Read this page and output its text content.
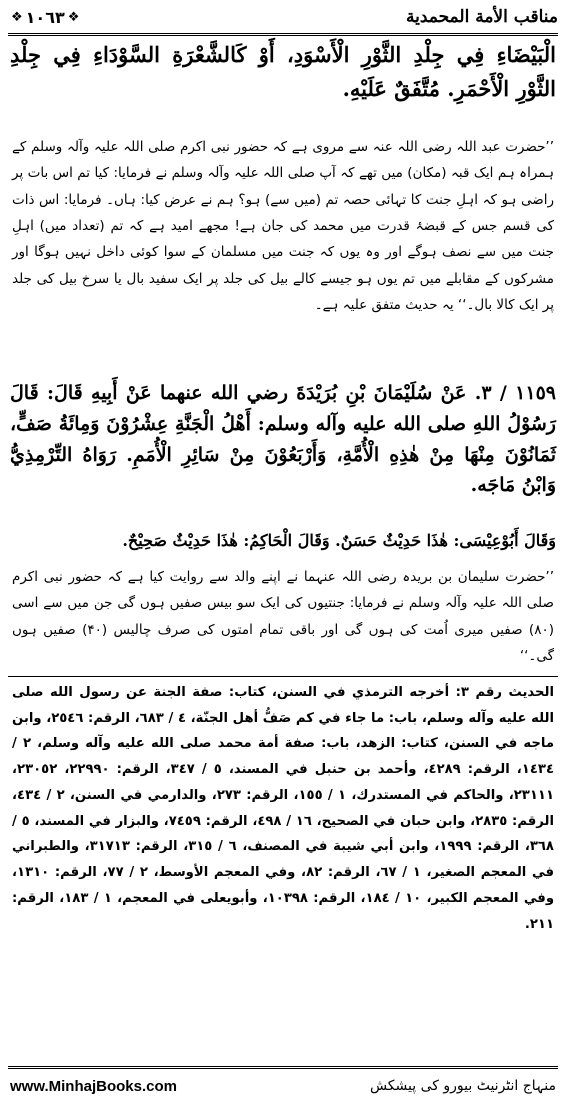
❖ ١٠٦٣ ❖	مناقب الأمة المحمدية
الْبَيْضَاءِ فِي جِلْدِ الثَّوْرِ الْأَسْوَدِ، أَوْ كَالشَّعْرَةِ السَّوْدَاءِ فِي جِلْدِ الثَّوْرِ الْأَحْمَرِ. مُتَّفَقٌ عَلَيْهِ.
’’حضرت عبد اللہ رضی اللہ عنہ سے مروی ہے کہ حضور نبی اکرم صلی اللہ علیہ وآلہ وسلم کے ہمراہ ہم ایک قبہ (مکان) میں تھے کہ آپ صلی اللہ علیہ وآلہ وسلم نے فرمایا: کیا تم اس بات پر راضی ہو کہ اہلِ جنت کا تہائی حصہ تم (میں سے) ہو؟ ہم نے عرض کیا: ہاں۔ فرمایا: اس ذات کی قسم جس کے قبضۂ قدرت میں محمد کی جان ہے! مجھے امید ہے کہ تم (تعداد میں) اہلِ جنت میں سے نصف ہوگے اور وہ یوں کہ جنت میں مسلمان کے سوا کوئی داخل نہیں ہوگا اور مشرکوں کے مقابلے میں تم یوں ہو جیسے کالے بیل کی جلد پر ایک سفید بال یا سرخ بیل کی جلد پر ایک کالا بال۔‘‘ یہ حدیث متفق علیہ ہے۔
١١٥٩ / ٣. عَنْ سُلَيْمَانَ بْنِ بُرَيْدَةَ رضي الله عنهما عَنْ أَبِيهِ قَالَ: قَالَ رَسُوْلُ اللهِ صلى الله عليه وآله وسلم: أَهْلُ الْجَنَّةِ عِشْرُوْنَ وَمِائَةُ صَفٍّ، ثَمَانُوْنَ مِنْهَا مِنْ هٰذِهِ الْأُمَّةِ، وَأَرْبَعُوْنَ مِنْ سَائِرِ الْأُمَمِ. رَوَاهُ التِّرْمِذِيُّ وَابْنُ مَاجَه.
وَقَالَ أَبُوْعِيْسَى: هٰذَا حَدِيْثٌ حَسَنٌ. وَقَالَ الْحَاكِمُ: هٰذَا حَدِيْثٌ صَحِيْحٌ.
’’حضرت سلیمان بن بریدہ رضی اللہ عنہما نے اپنے والد سے روایت کیا ہے کہ حضور نبی اکرم صلی اللہ علیہ وآلہ وسلم نے فرمایا: جنتیوں کی ایک سو بیس صفیں ہوں گی جن میں سے اسی (۸۰) صفیں میری اُمت کی ہوں گی اور باقی تمام امتوں کی صرف چالیس (۴۰) صفیں ہوں گی۔‘‘
الحديث رقم ٣: أخرجه الترمذي في السنن، كتاب: صفة الجنة عن رسول الله صلى الله عليه وآله وسلم، باب: ما جاء في كم صَفُّ أهل الجنّة، ٤ / ٦٨٣، الرقم: ٢٥٤٦، وابن ماجه في السنن، كتاب: الزهد، باب: صفة أمة محمد صلى الله عليه وآله وسلم، ٢ / ١٤٣٤، الرقم: ٤٢٨٩، وأحمد بن حنبل في المسند، ٥ / ٣٤٧، الرقم: ٢٢٩٩٠، ٢٣٠٥٢، ٢٣١١١، والحاكم في المستدرك، ١ / ١٥٥، الرقم: ٢٧٣، والدارمي في السنن، ٢ / ٤٣٤، الرقم: ٢٨٣٥، وابن حبان في الصحيح، ١٦ / ٤٩٨، الرقم: ٧٤٥٩، والبزار في المسند، ٥ / ٣٦٨، الرقم: ١٩٩٩، وابن أبي شيبة في المصنف، ٦ / ٣١٥، الرقم: ٣١٧١٣، والطبراني في المعجم الصغير، ١ / ٦٧، الرقم: ٨٢، وفي المعجم الأوسط، ٢ / ٧٧، الرقم: ١٣١٠، وفي المعجم الكبير، ١٠ / ١٨٤، الرقم: ١٠٣٩٨، وأبويعلى في المعجم، ١ / ١٨٣، الرقم: ٢١١.
www.MinhajBooks.com	منہاج انٹرنیٹ بیورو کی پیشکش
